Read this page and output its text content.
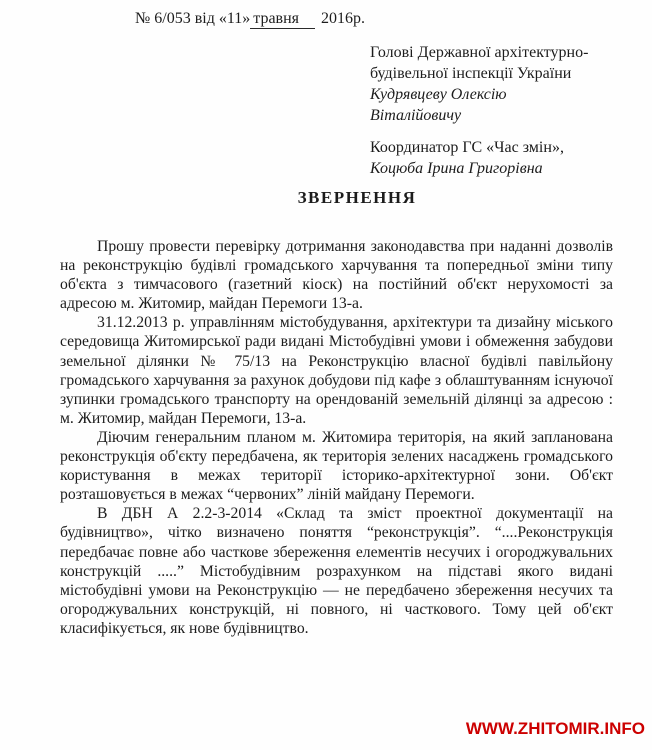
№ 6/053 від «11» травня 2016р.
Голові Державної архітектурно-
будівельної інспекції України
Кудрявцеву Олексію
Віталійовичу
Координатор ГС «Час змін»,
Коцюба Ірина Григорівна
ЗВЕРНЕННЯ

Прошу провести перевірку дотримання законодавства при наданні дозволів на реконструкцію будівлі громадського харчування та попередньої зміни типу об'єкта з тимчасового (газетний кіоск) на постійний об'єкт нерухомості за адресою м. Житомир, майдан Перемоги 13-а.

31.12.2013 р. управлінням містобудування, архітектури та дизайну міського середовища Житомирської ради видані Містобудівні умови і обмеження забудови земельної ділянки № 75/13 на Реконструкцію власної будівлі павільйону громадського харчування за рахунок добудови під кафе з облаштуванням існуючої зупинки громадського транспорту на орендованій земельній ділянці за адресою : м. Житомир, майдан Перемоги, 13-а.

Діючим генеральним планом м. Житомира територія, на який запланована реконструкція об'єкту передбачена, як територія зелених насаджень громадського користування в межах території історико-архітектурної зони. Об'єкт розташовується в межах “червоних” ліній майдану Перемоги.

В ДБН А 2.2-3-2014 «Склад та зміст проектної документації на будівництво», чітко визначено поняття “реконструкція”. “....Реконструкція передбачає повне або часткове збереження елементів несучих і огороджувальних конструкцій .....” Містобудівним розрахунком на підставі якого видані містобудівні умови на Реконструкцію — не передбачено збереження несучих та огороджувальних конструкцій, ні повного, ні часткового. Тому цей об'єкт класифікується, як нове будівництво.

WWW.ZHITOMIR.INFO
